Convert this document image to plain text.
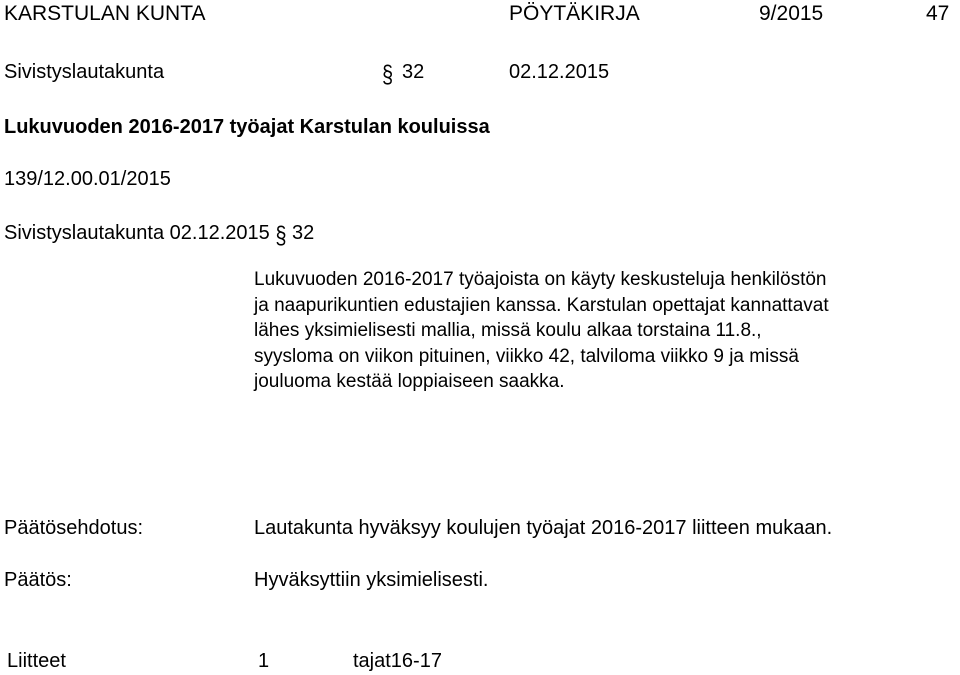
KARSTULAN KUNTA	PÖYTÄKIRJA	9/2015	47
Sivistyslautakunta	§ 32	02.12.2015
Lukuvuoden 2016-2017 työajat Karstulan kouluissa
139/12.00.01/2015
Sivistyslautakunta 02.12.2015 § 32
Lukuvuoden 2016-2017 työajoista on käyty keskusteluja henkilöstön
ja naapurikuntien edustajien kanssa. Karstulan opettajat kannattavat
lähes yksimielisesti mallia, missä koulu alkaa torstaina 11.8.,
syysloma on viikon pituinen, viikko 42, talviloma viikko 9 ja missä
jouluoma kestää loppiaiseen saakka.
Päätösehdotus:	Lautakunta hyväksyy koulujen työajat 2016-2017 liitteen mukaan.
Päätös:	Hyväksyttiin yksimielisesti.
Liitteet	1	tajat16-17
